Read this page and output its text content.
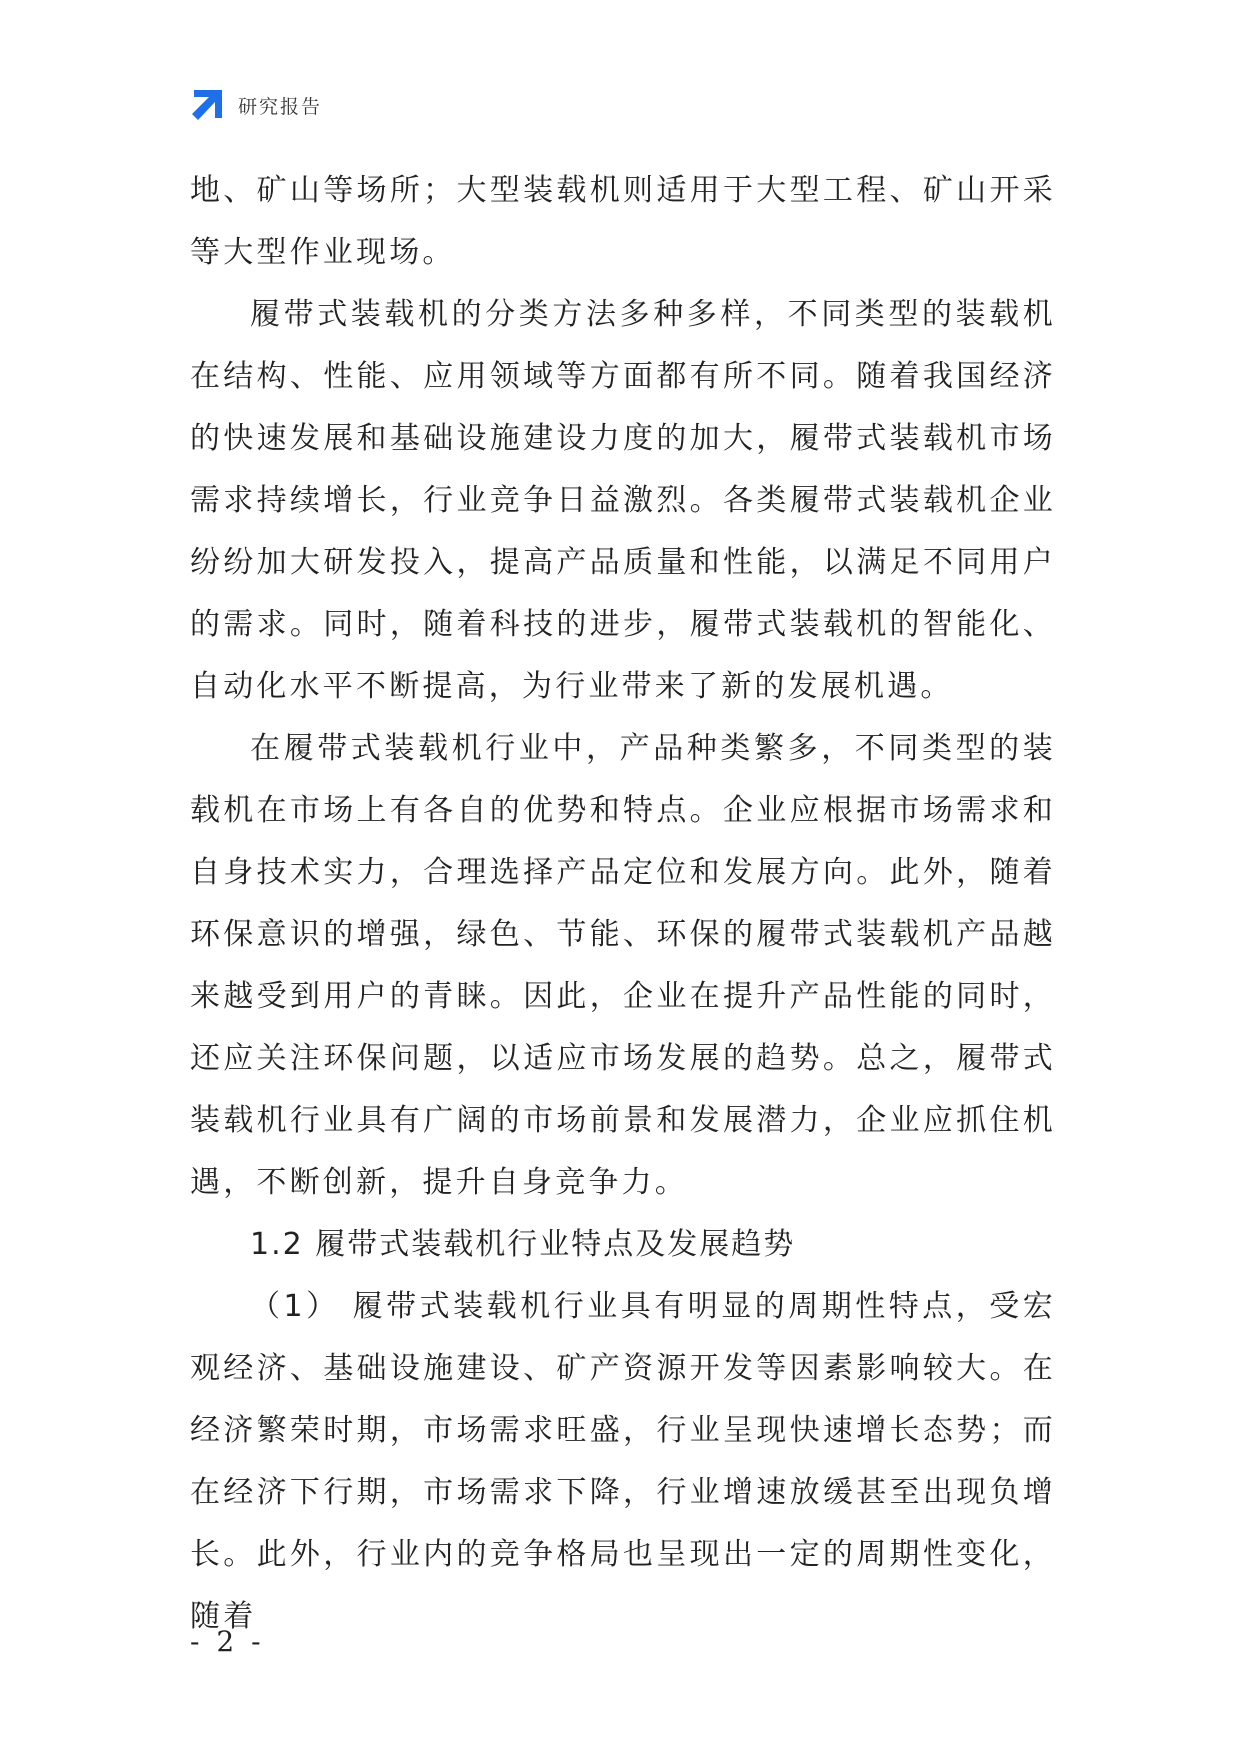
研究报告

地、矿山等场所；大型装载机则适用于大型工程、矿山开采等大型作业现场。

履带式装载机的分类方法多种多样，不同类型的装载机在结构、性能、应用领域等方面都有所不同。随着我国经济的快速发展和基础设施建设力度的加大，履带式装载机市场需求持续增长，行业竞争日益激烈。各类履带式装载机企业纷纷加大研发投入，提高产品质量和性能，以满足不同用户的需求。同时，随着科技的进步，履带式装载机的智能化、自动化水平不断提高，为行业带来了新的发展机遇。

在履带式装载机行业中，产品种类繁多，不同类型的装载机在市场上有各自的优势和特点。企业应根据市场需求和自身技术实力，合理选择产品定位和发展方向。此外，随着环保意识的增强，绿色、节能、环保的履带式装载机产品越来越受到用户的青睐。因此，企业在提升产品性能的同时，还应关注环保问题，以适应市场发展的趋势。总之，履带式装载机行业具有广阔的市场前景和发展潜力，企业应抓住机遇，不断创新，提升自身竞争力。

1.2 履带式装载机行业特点及发展趋势

（1） 履带式装载机行业具有明显的周期性特点，受宏观经济、基础设施建设、矿产资源开发等因素影响较大。在经济繁荣时期，市场需求旺盛，行业呈现快速增长态势；而在经济下行期，市场需求下降，行业增速放缓甚至出现负增长。此外，行业内的竞争格局也呈现出一定的周期性变化，随着

- 2 -
